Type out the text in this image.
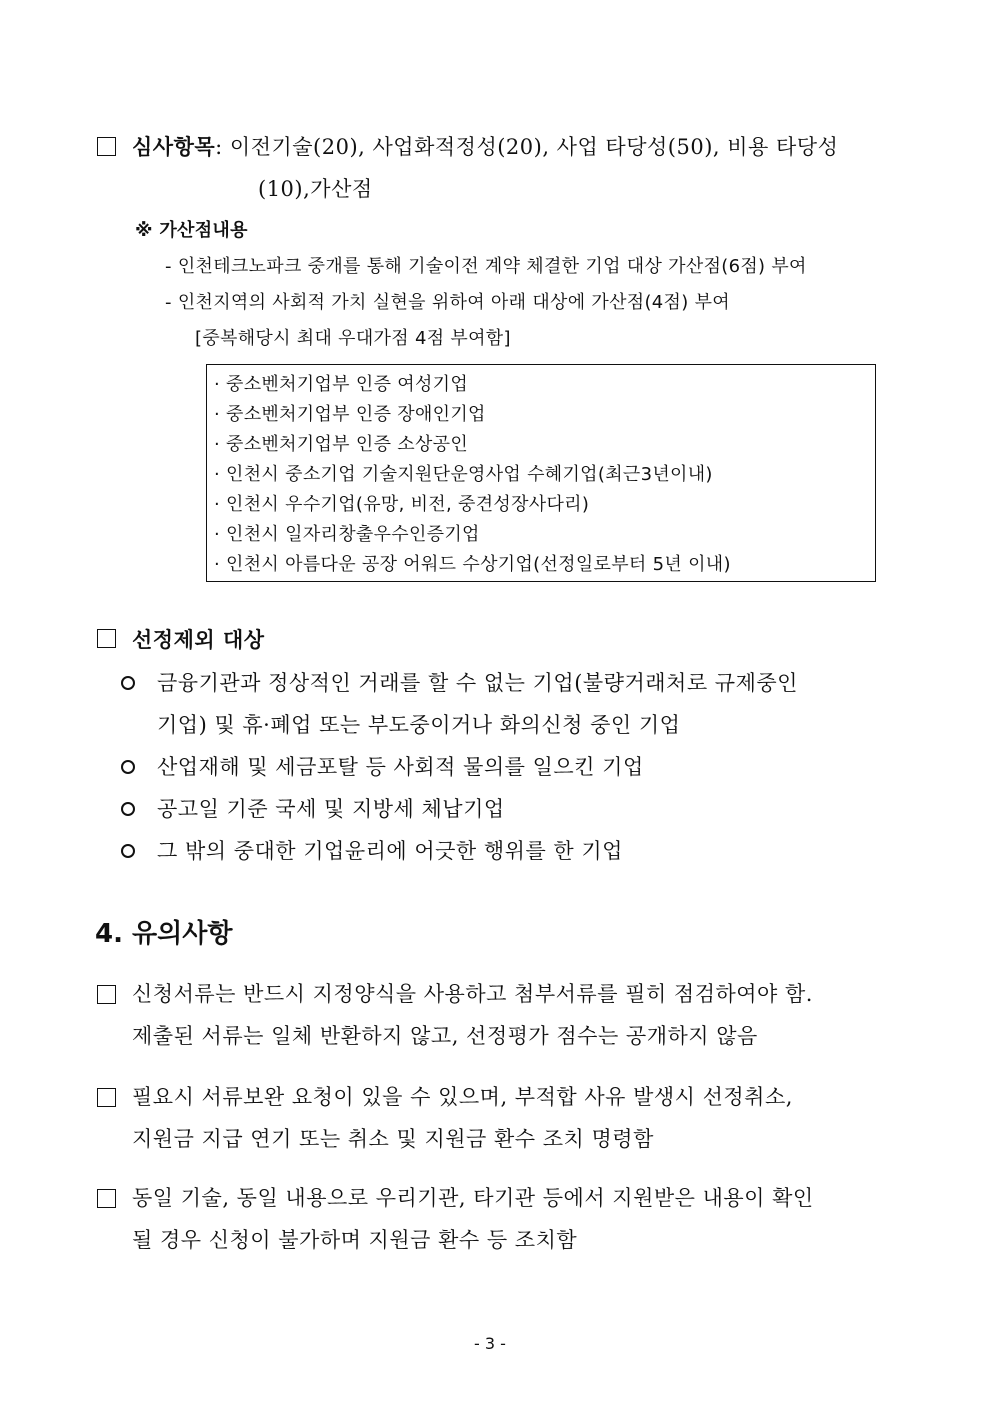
심사항목: 이전기술(20), 사업화적정성(20), 사업 타당성(50), 비용 타당성
(10),가산점
※ 가산점내용
- 인천테크노파크 중개를 통해 기술이전 계약 체결한 기업 대상 가산점(6점) 부여
- 인천지역의 사회적 가치 실현을 위하여 아래 대상에 가산점(4점) 부여
[중복해당시 최대 우대가점 4점 부여함]
· 중소벤처기업부 인증 여성기업
· 중소벤처기업부 인증 장애인기업
· 중소벤처기업부 인증 소상공인
· 인천시 중소기업 기술지원단운영사업 수혜기업(최근3년이내)
· 인천시 우수기업(유망, 비전, 중견성장사다리)
· 인천시 일자리창출우수인증기업
· 인천시 아름다운 공장 어워드 수상기업(선정일로부터 5년 이내)
선정제외 대상
금융기관과 정상적인 거래를 할 수 없는 기업(불량거래처로 규제중인
기업) 및 휴·폐업 또는 부도중이거나 화의신청 중인 기업
산업재해 및 세금포탈 등 사회적 물의를 일으킨 기업
공고일 기준 국세 및 지방세 체납기업
그 밖의 중대한 기업윤리에 어긋한 행위를 한 기업
4. 유의사항
신청서류는 반드시 지정양식을 사용하고 첨부서류를 필히 점검하여야 함.
제출된 서류는 일체 반환하지 않고, 선정평가 점수는 공개하지 않음
필요시 서류보완 요청이 있을 수 있으며, 부적합 사유 발생시 선정취소,
지원금 지급 연기 또는 취소 및 지원금 환수 조치 명령함
동일 기술, 동일 내용으로 우리기관, 타기관 등에서 지원받은 내용이 확인
될 경우 신청이 불가하며 지원금 환수 등 조치함
- 3 -
